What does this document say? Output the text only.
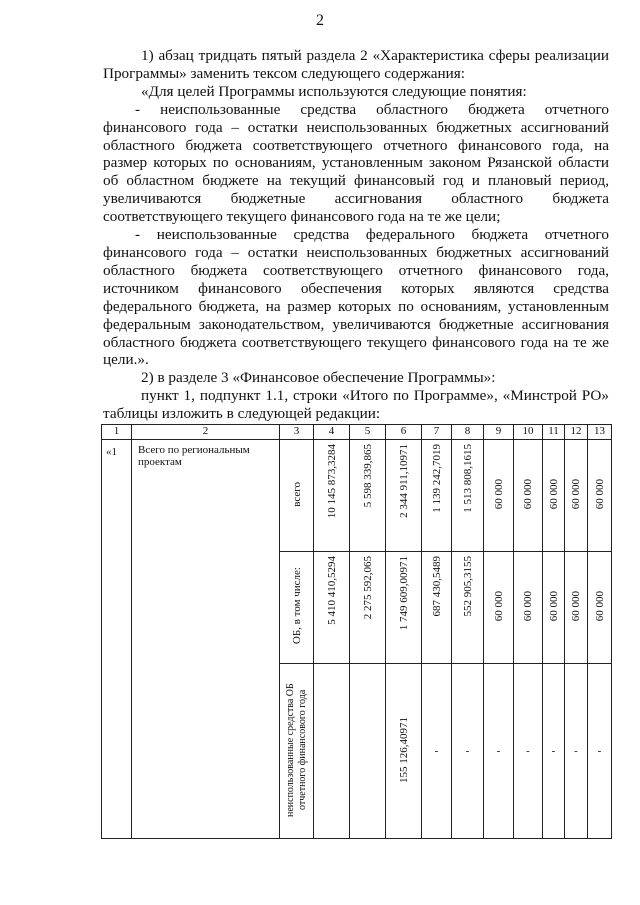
2

1) абзац тридцать пятый раздела 2 «Характеристика сферы реализации Программы» заменить тексом следующего содержания:

«Для целей Программы используются следующие понятия:

- неиспользованные средства областного бюджета отчетного финансового года – остатки неиспользованных бюджетных ассигнований областного бюджета соответствующего отчетного финансового года, на размер которых по основаниям, установленным законом Рязанской области об областном бюджете на текущий финансовый год и плановый период, увеличиваются бюджетные ассигнования областного бюджета соответствующего текущего финансового года на те же цели;

- неиспользованные средства федерального бюджета отчетного финансового года – остатки неиспользованных бюджетных ассигнований областного бюджета соответствующего отчетного финансового года, источником финансового обеспечения которых являются средства федерального бюджета, на размер которых по основаниям, установленным федеральным законодательством, увеличиваются бюджетные ассигнования областного бюджета соответствующего текущего финансового года на те же цели.».

2) в разделе 3 «Финансовое обеспечение Программы»:

пункт 1, подпункт 1.1, строки «Итого по Программе», «Минстрой РО» таблицы изложить в следующей редакции:

1	2	3	4	5	6	7	8	9	10	11	12	13
«1	Всего по региональным проектам	всего	10 145 873,3284	5 598 339,865	2 344 911,10971	1 139 242,7019	1 513 808,1615	60 000	60 000	60 000	60 000	60 000
		ОБ, в том числе:	5 410 410,5294	2 275 592,065	1 749 609,00971	687 430,5489	552 905,3155	60 000	60 000	60 000	60 000	60 000
		неиспользованные средства ОБ отчетного финансового года			155 126,40971	-	-	-	-	-	-	-
